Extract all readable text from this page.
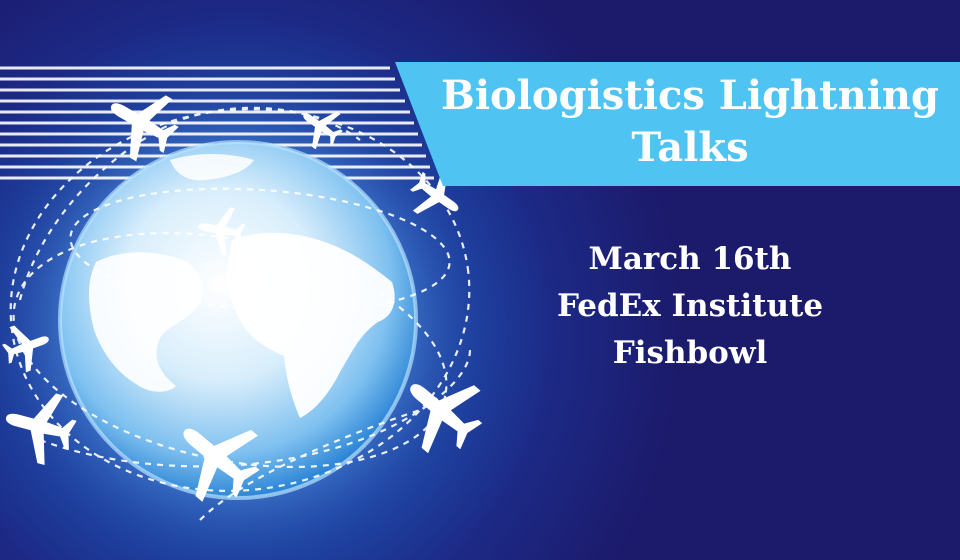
Biologistics Lightning
Talks
March 16th
FedEx Institute
Fishbowl
